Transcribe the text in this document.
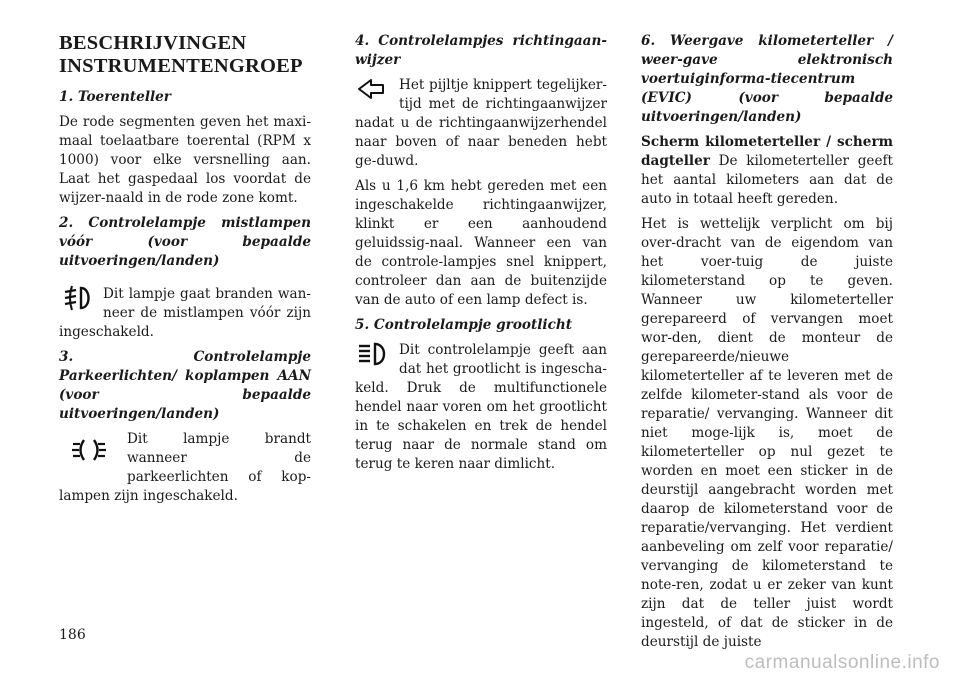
BESCHRIJVINGEN INSTRUMENTENGROEP
1. Toerenteller

De rode segmenten geven het maxi-maal toelaatbare toerental (RPM x 1000) voor elke versnelling aan. Laat het gaspedaal los voordat de wijzer-naald in de rode zone komt.

2. Controlelampje mistlampen vóór (voor bepaalde uitvoeringen/landen)
Dit lampje gaat branden wan-neer de mistlampen vóór zijn ingeschakeld.
3. Controlelampje Parkeerlichten/ koplampen AAN (voor bepaalde uitvoeringen/landen)
Dit lampje brandt wanneer de parkeerlichten of kop-lampen zijn ingeschakeld.
4. Controlelampjes richtingaan-wijzer
Het pijltje knippert tegelijker-tijd met de richtingaanwijzer nadat u de richtingaanwijzerhendel naar boven of naar beneden hebt ge-duwd.

Als u 1,6 km hebt gereden met een ingeschakelde richtingaanwijzer, klinkt er een aanhoudend geluidssig-naal. Wanneer een van de controle-lampjes snel knippert, controleer dan aan de buitenzijde van de auto of een lamp defect is.

5. Controlelampje grootlicht
Dit controlelampje geeft aan dat het grootlicht is ingescha-keld. Druk de multifunctionele hendel naar voren om het grootlicht in te schakelen en trek de hendel terug naar de normale stand om terug te keren naar dimlicht.
6. Weergave kilometerteller / weer-gave elektronisch voertuiginforma-tiecentrum (EVIC) (voor bepaalde uitvoeringen/landen)

Scherm kilometerteller / scherm dagteller De kilometerteller geeft het aantal kilometers aan dat de auto in totaal heeft gereden.

Het is wettelijk verplicht om bij over-dracht van de eigendom van het voer-tuig de juiste kilometerstand op te geven. Wanneer uw kilometerteller gerepareerd of vervangen moet wor-den, dient de monteur de gerepareerde/nieuwe kilometerteller af te leveren met de zelfde kilometer-stand als voor de reparatie/ vervanging. Wanneer dit niet moge-lijk is, moet de kilometerteller op nul gezet te worden en moet een sticker in de deurstijl aangebracht worden met daarop de kilometerstand voor de reparatie/vervanging. Het verdient aanbeveling om zelf voor reparatie/ vervanging de kilometerstand te note-ren, zodat u er zeker van kunt zijn dat de teller juist wordt ingesteld, of dat de sticker in de deurstijl de juiste

186
carmanualsonline.info
